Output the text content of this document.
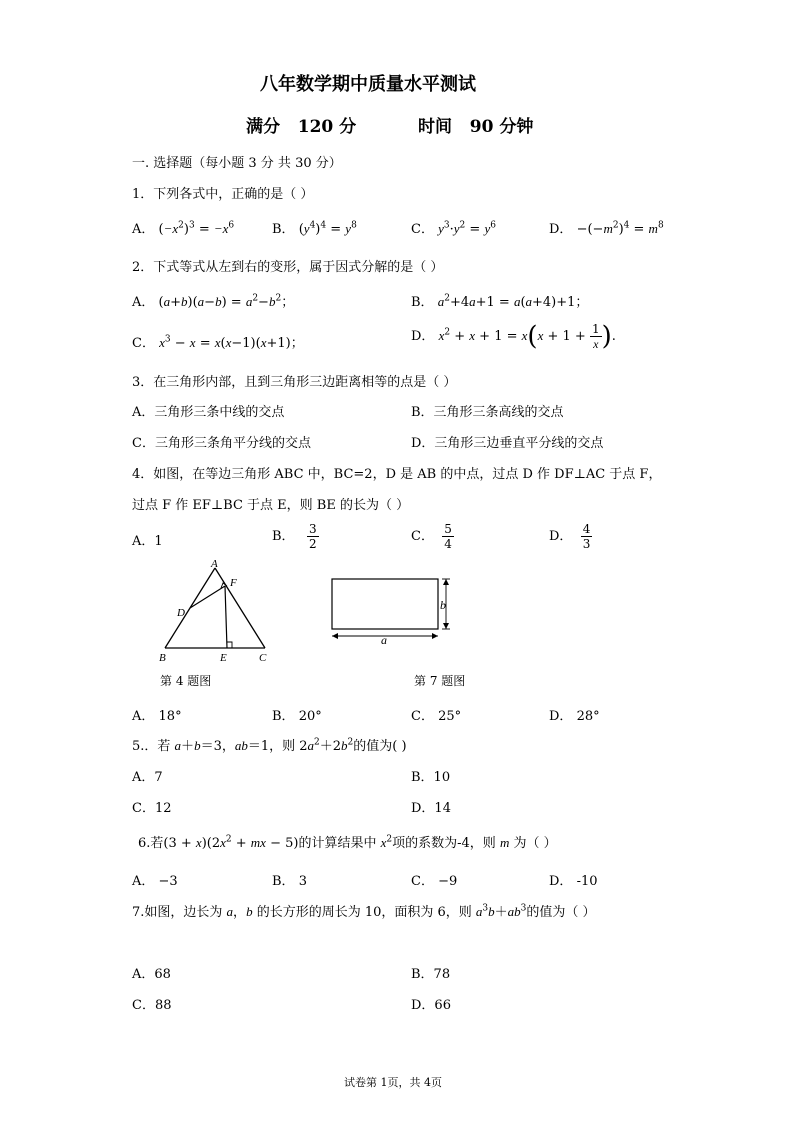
八年数学期中质量水平测试
满分 120 分	时间 90 分钟
一. 选择题（每小题 3 分 共 30 分）
1．下列各式中，正确的是（ ）
A． $(-x^2)^3 = -x^6$	B． $(y^4)^4 = y^8$	C． $y^3\cdot y^2 = y^6$	D． $-(-m^2)^4 = m^8$
2．下式等式从左到右的变形，属于因式分解的是（ ）
A． $(a+b)(a-b) = a^2-b^2$；	B． $a^2+4a+1 = a(a+4)+1$；
C． $x^3 - x = x(x-1)(x+1)$；	D． $x^2 + x + 1 = x(x + 1 + \frac{1}{x}$ ).
3．在三角形内部，且到三角形三边距离相等的点是（ ）
A．三角形三条中线的交点	B．三角形三条高线的交点
C．三角形三条角平分线的交点	D．三角形三边垂直平分线的交点
4．如图，在等边三角形 ABC 中，BC=2，D 是 AB 的中点，过点 D 作 DF⊥AC 于点 F，
过点 F 作 EF⊥BC 于点 E，则 BE 的长为（ ）
A．1	B． $\frac{3}{2}$	C． $\frac{5}{4}$	D． $\frac{4}{3}$
A
F
D
B	E	C
b
a
第 4 题图	第 7 题图
A． 18°	B． 20°	C． 25°	D． 28°
5.．若 a＋b＝3，ab＝1，则 $2a^2+2b^2$的值为( )
A．7	B．10
C．12	D．14
6.若$(3 + x)(2x^2$ + mx − 5)的计算结果中 $x^2$项的系数为-4，则 m 为（ ）
A． −3	B． 3	C． −9	D． -10
7.如图，边长为 a，b 的长方形的周长为 10，面积为 6，则 $a^3b+ab^3$的值为（ ）
A．68	B．78
C．88	D．66
试卷第 1页，共 4页
